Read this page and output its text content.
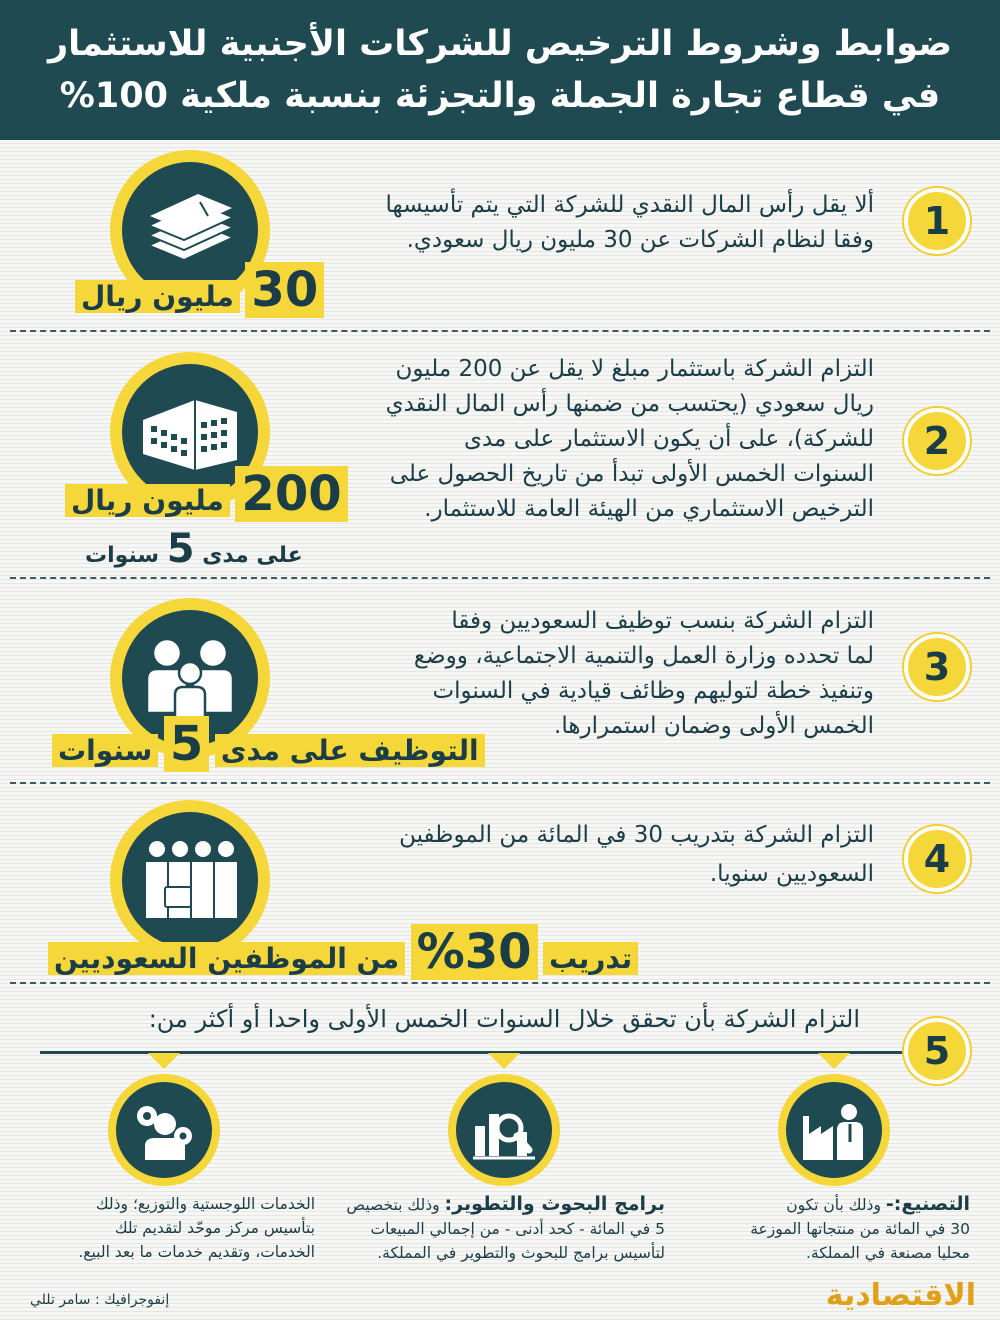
ضوابط وشروط الترخيص للشركات الأجنبية للاستثمار
في قطاع تجارة الجملة والتجزئة بنسبة ملكية 100%
1
ألا يقل رأس المال النقدي للشركة التي يتم تأسيسها
وفقا لنظام الشركات عن 30 مليون ريال سعودي.
30 مليون ريال
2
التزام الشركة باستثمار مبلغ لا يقل عن 200 مليون
ريال سعودي (يحتسب من ضمنها رأس المال النقدي
للشركة)، على أن يكون الاستثمار على مدى
السنوات الخمس الأولى تبدأ من تاريخ الحصول على
الترخيص الاستثماري من الهيئة العامة للاستثمار.
200 مليون ريال
على مدى 5 سنوات
3
التزام الشركة بنسب توظيف السعوديين وفقا
لما تحدده وزارة العمل والتنمية الاجتماعية، ووضع
وتنفيذ خطة لتوليهم وظائف قيادية في السنوات
الخمس الأولى وضمان استمرارها.
التوظيف على مدى 5 سنوات
4
التزام الشركة بتدريب 30 في المائة من الموظفين
السعوديين سنويا.
تدريب 30% من الموظفين السعوديين
التزام الشركة بأن تحقق خلال السنوات الخمس الأولى واحدا أو أكثر من:
5
التصنيع:- وذلك بأن تكون
30 في المائة من منتجاتها الموزعة
محليا مصنعة في المملكة.
برامج البحوث والتطوير: وذلك بتخصيص
5 في المائة - كحد أدنى - من إجمالي المبيعات
لتأسيس برامج للبحوث والتطوير في المملكة.
الخدمات اللوجستية والتوزيع؛ وذلك
بتأسيس مركز موحّد لتقديم تلك
الخدمات، وتقديم خدمات ما بعد البيع.
إنفوجرافيك : سامر تللي	الاقتصادية
